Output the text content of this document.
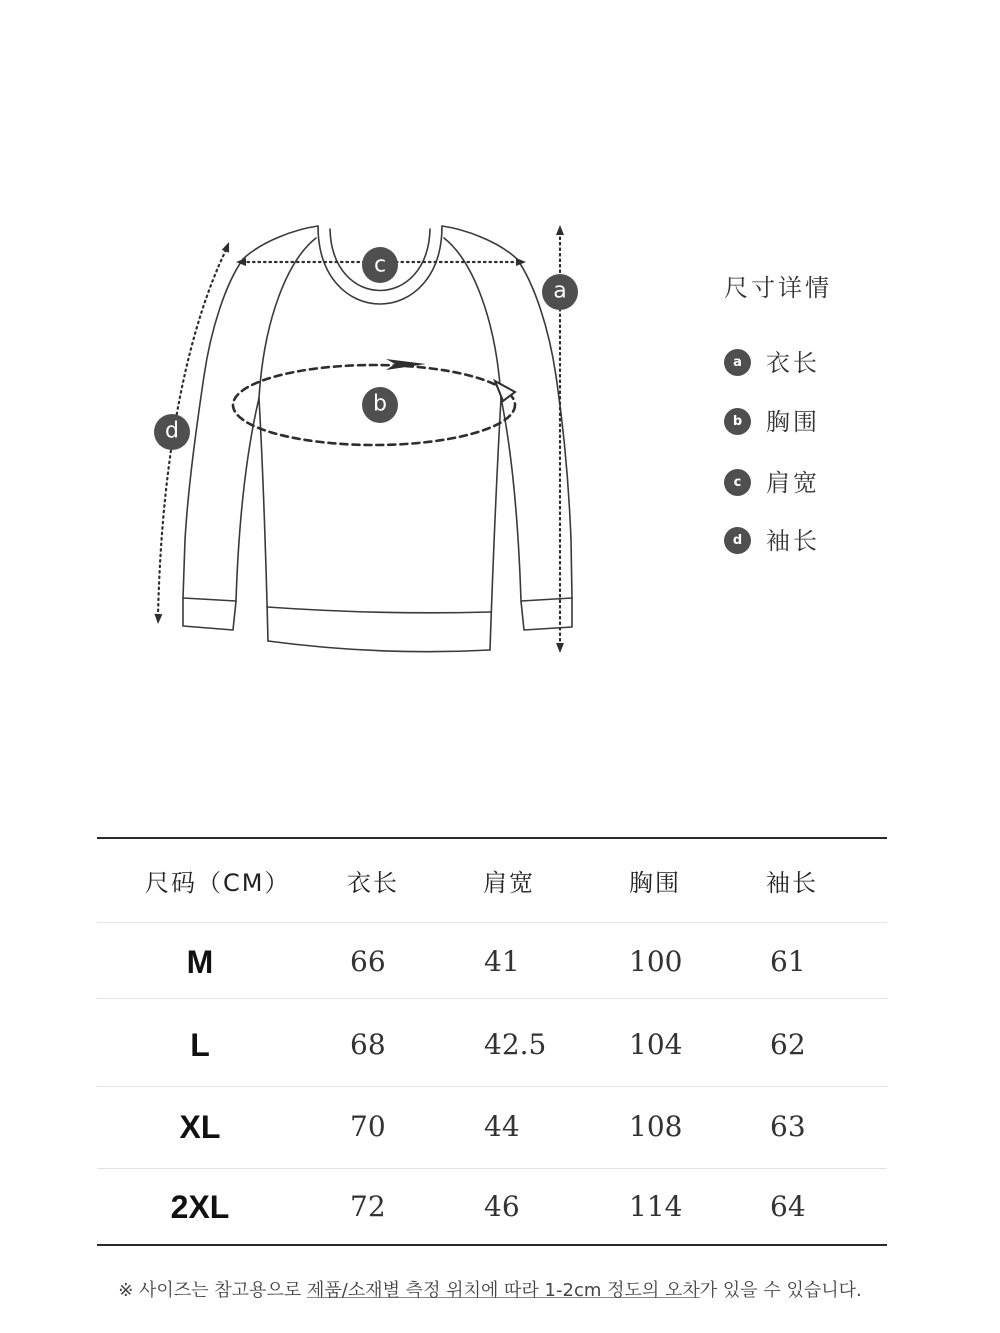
c
a
b
d
尺寸详情
a	衣长
b 胸围
c	肩宽
d 袖长
尺码（CM） 衣长	肩宽	胸围	袖长
M	66	41	100	61
L	68	42.5	104	62
XL	70	44	108	63
2XL	72	46	114	64
※ 사이즈는 참고용으로 제품/소재별 측정 위치에 따라 1-2cm 정도의 오차가 있을 수 있습니다.
